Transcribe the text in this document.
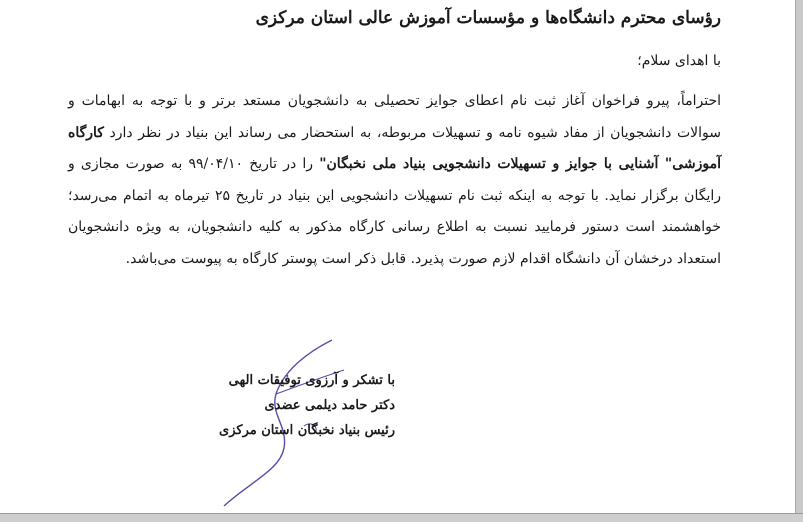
رؤسای محترم دانشگاه‌ها و مؤسسات آموزش عالی استان مرکزی

با اهدای سلام؛

احتراماً، پیرو فراخوان آغاز ثبت نام اعطای جوایز تحصیلی به دانشجویان مستعد برتر و با توجه به ابهامات و سوالات دانشجویان از مفاد شیوه نامه و تسهیلات مربوطه، به استحضار می رساند این بنیاد در نظر دارد کارگاه آموزشی" آشنایی با جوایز و تسهیلات دانشجویی بنیاد ملی نخبگان" را در تاریخ ۹۹/۰۴/۱۰ به صورت مجازی و رایگان برگزار نماید. با توجه به اینکه ثبت نام تسهیلات دانشجویی این بنیاد در تاریخ ۲۵ تیرماه به اتمام می‌رسد؛خواهشمند است دستور فرمایید نسبت به اطلاع رسانی کارگاه مذکور به کلیه دانشجویان، به ویژه دانشجویان استعداد درخشان آن دانشگاه اقدام لازم صورت پذیرد. قابل ذکر است پوستر کارگاه به پیوست می‌باشد.
با تشکر و آرزوی توفیقات الهی
دکتر حامد دیلمی عضدی
رئیس بنیاد نخبگان استان مرکزی
